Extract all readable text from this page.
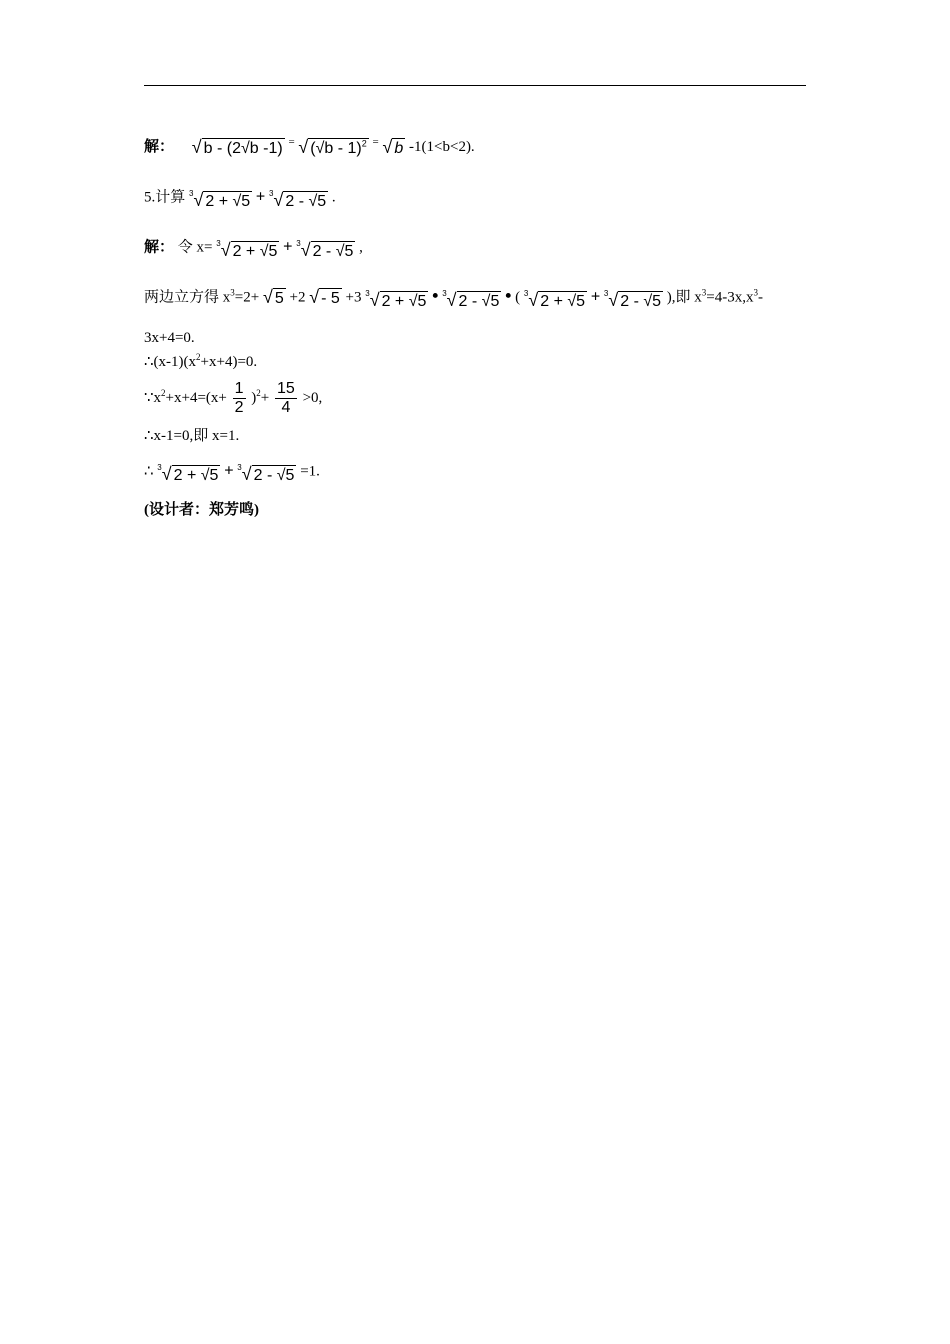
解： √ b - (2√b -1) = √ (√b - 1)$^2$ = √ b -1(1<b<2).
5.计算 $^3$√ 2 + √5 + $^3$√ 2 - √5 .
解： 令 x= $^3$√ 2 + √5 + $^3$√ 2 - √5 ,
两边立方得 $x^3=2+$ √ 5 +2 √ - 5 +3 $^3$√ 2 + √5 • $^3$√ 2 - √5 • ( $^3$√ 2 + √5 + $^3$√ 2 - √5 ),即 $x^3=4-3x,x^3-$
3x+4=0.
$\therefore(x-1)(x^2+x+4)=0$.
$\because x^2+x+4=(x+ \frac{1}{2} )^2+ \frac{15}{4} >0$,
∴x-1=0,即 x=1.
∴ $^3$√ 2 + √5 + $^3$√ 2 - √5 =1.
(设计者：郑芳鸣)
